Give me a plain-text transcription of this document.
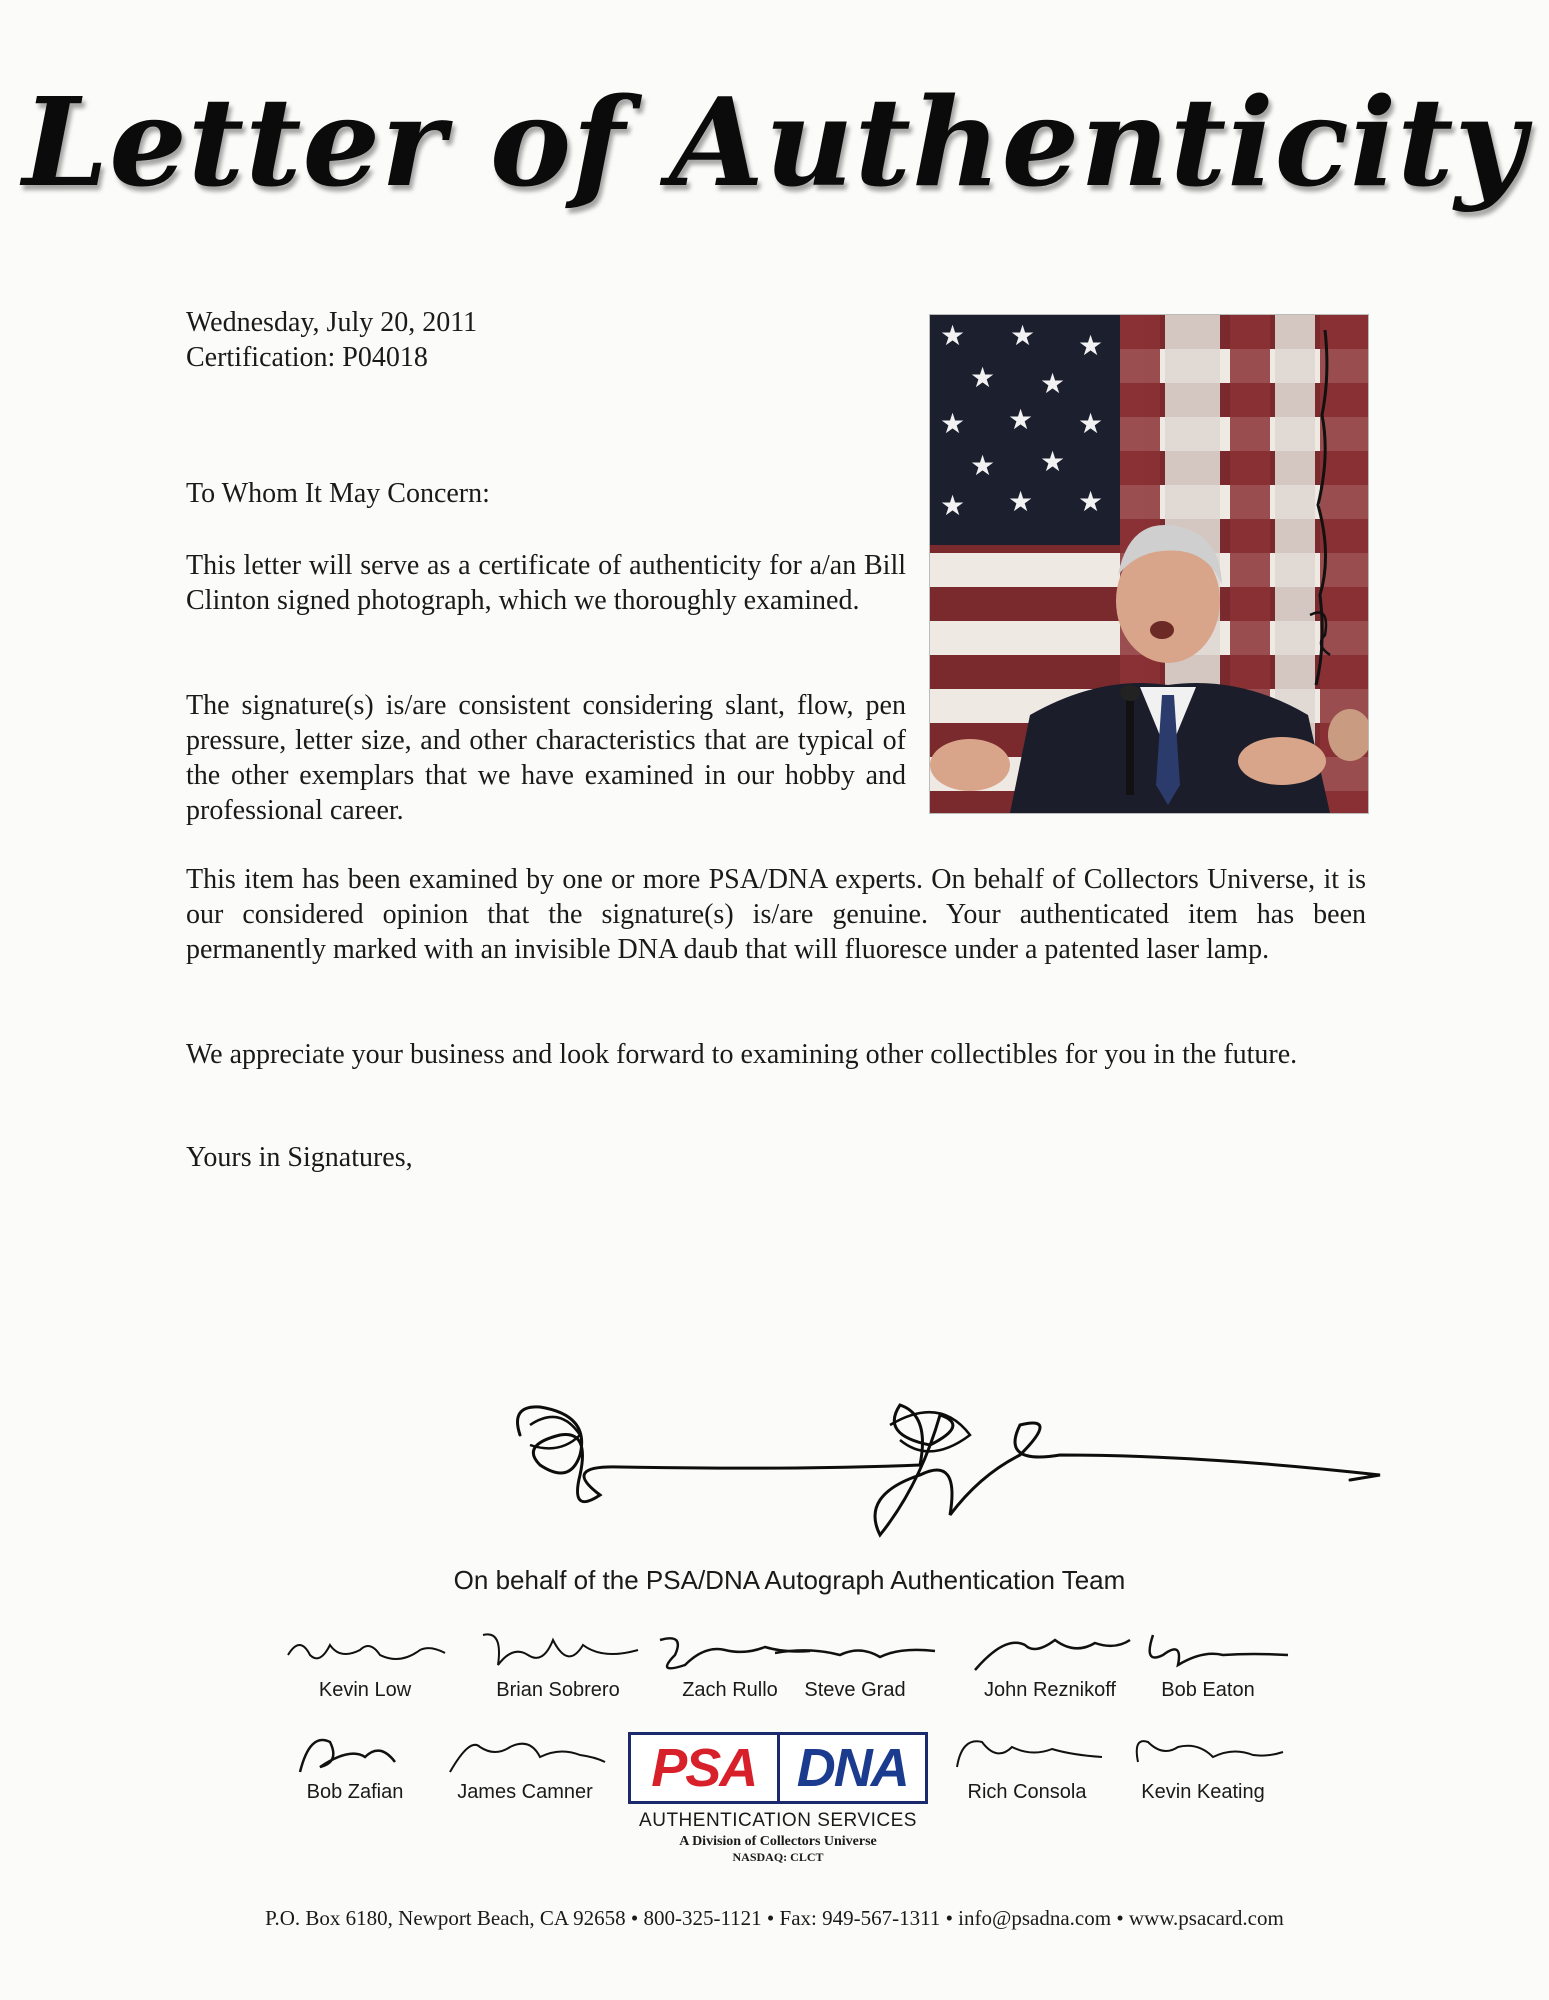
Letter of Authenticity
Wednesday, July 20, 2011
Certification: P04018
To Whom It May Concern:

This letter will serve as a certificate of authenticity for a/an Bill Clinton signed photograph, which we thoroughly examined.

The signature(s) is/are consistent considering slant, flow, pen pressure, letter size, and other characteristics that are typical of the other exemplars that we have examined in our hobby and professional career.

This item has been examined by one or more PSA/DNA experts. On behalf of Collectors Universe, it is our considered opinion that the signature(s) is/are genuine. Your authenticated item has been permanently marked with an invisible DNA daub that will fluoresce under a patented laser lamp.

We appreciate your business and look forward to examining other collectibles for you in the future.

Yours in Signatures,
★ ★ ★
★ ★
★ ★ ★
★ ★
★ ★ ★
On behalf of the PSA/DNA Autograph Authentication Team
Kevin Low	Brian Sobrero	Zach Rullo	Steve Grad	John Reznikoff	Bob Eaton
Bob Zafian	James Camner	Rich Consola	Kevin Keating
PSA DNA
AUTHENTICATION SERVICES
A Division of Collectors Universe
NASDAQ: CLCT
P.O. Box 6180, Newport Beach, CA 92658 • 800-325-1121 • Fax: 949-567-1311 • info@psadna.com • www.psacard.com
